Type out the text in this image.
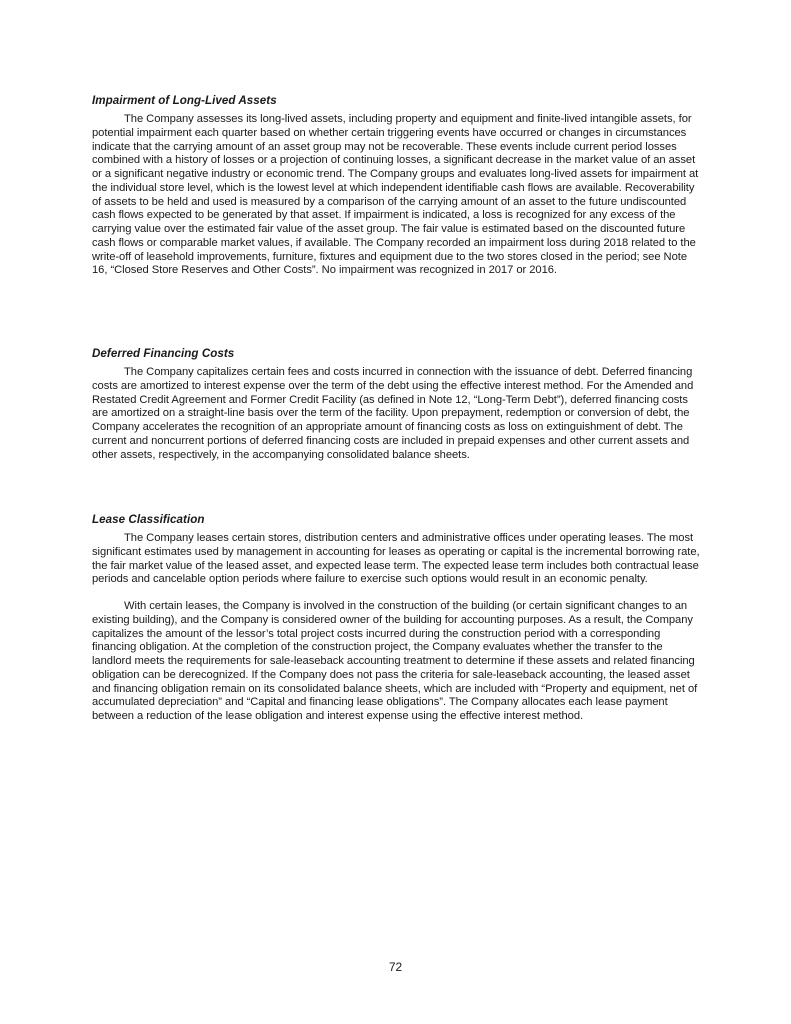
Impairment of Long-Lived Assets

The Company assesses its long-lived assets, including property and equipment and finite-lived intangible assets, for potential impairment each quarter based on whether certain triggering events have occurred or changes in circumstances indicate that the carrying amount of an asset group may not be recoverable. These events include current period losses combined with a history of losses or a projection of continuing losses, a significant decrease in the market value of an asset or a significant negative industry or economic trend. The Company groups and evaluates long-lived assets for impairment at the individual store level, which is the lowest level at which independent identifiable cash flows are available. Recoverability of assets to be held and used is measured by a comparison of the carrying amount of an asset to the future undiscounted cash flows expected to be generated by that asset. If impairment is indicated, a loss is recognized for any excess of the carrying value over the estimated fair value of the asset group. The fair value is estimated based on the discounted future cash flows or comparable market values, if available. The Company recorded an impairment loss during 2018 related to the write-off of leasehold improvements, furniture, fixtures and equipment due to the two stores closed in the period; see Note 16, “Closed Store Reserves and Other Costs”. No impairment was recognized in 2017 or 2016.

Deferred Financing Costs

The Company capitalizes certain fees and costs incurred in connection with the issuance of debt. Deferred financing costs are amortized to interest expense over the term of the debt using the effective interest method. For the Amended and Restated Credit Agreement and Former Credit Facility (as defined in Note 12, “Long-Term Debt”), deferred financing costs are amortized on a straight-line basis over the term of the facility. Upon prepayment, redemption or conversion of debt, the Company accelerates the recognition of an appropriate amount of financing costs as loss on extinguishment of debt. The current and noncurrent portions of deferred financing costs are included in prepaid expenses and other current assets and other assets, respectively, in the accompanying consolidated balance sheets.

Lease Classification

The Company leases certain stores, distribution centers and administrative offices under operating leases. The most significant estimates used by management in accounting for leases as operating or capital is the incremental borrowing rate, the fair market value of the leased asset, and expected lease term. The expected lease term includes both contractual lease periods and cancelable option periods where failure to exercise such options would result in an economic penalty.

With certain leases, the Company is involved in the construction of the building (or certain significant changes to an existing building), and the Company is considered owner of the building for accounting purposes. As a result, the Company capitalizes the amount of the lessor’s total project costs incurred during the construction period with a corresponding financing obligation. At the completion of the construction project, the Company evaluates whether the transfer to the landlord meets the requirements for sale-leaseback accounting treatment to determine if these assets and related financing obligation can be derecognized. If the Company does not pass the criteria for sale-leaseback accounting, the leased asset and financing obligation remain on its consolidated balance sheets, which are included with “Property and equipment, net of accumulated depreciation” and “Capital and financing lease obligations”. The Company allocates each lease payment between a reduction of the lease obligation and interest expense using the effective interest method.

72
